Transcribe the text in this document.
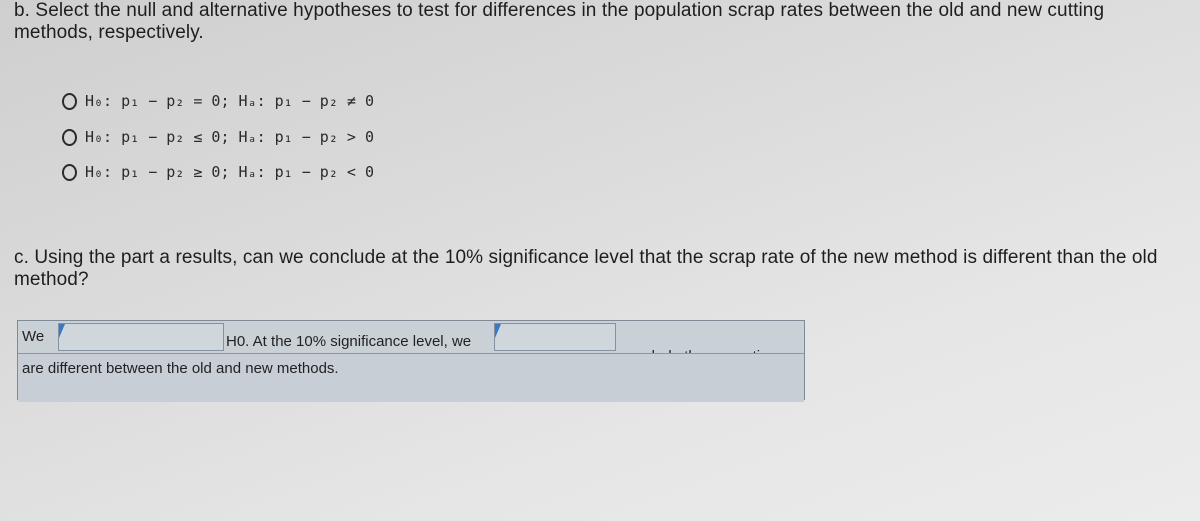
b. Select the null and alternative hypotheses to test for differences in the population scrap rates between the old and new cutting methods, respectively.
H₀: p₁ − p₂ = 0; Hₐ: p₁ − p₂ ≠ 0
H₀: p₁ − p₂ ≤ 0; Hₐ: p₁ − p₂ > 0
H₀: p₁ − p₂ ≥ 0; Hₐ: p₁ − p₂ < 0
c. Using the part a results, can we conclude at the 10% significance level that the scrap rate of the new method is different than the old method?
We	H0. At the 10% significance level, we
are different between the old and new methods.
